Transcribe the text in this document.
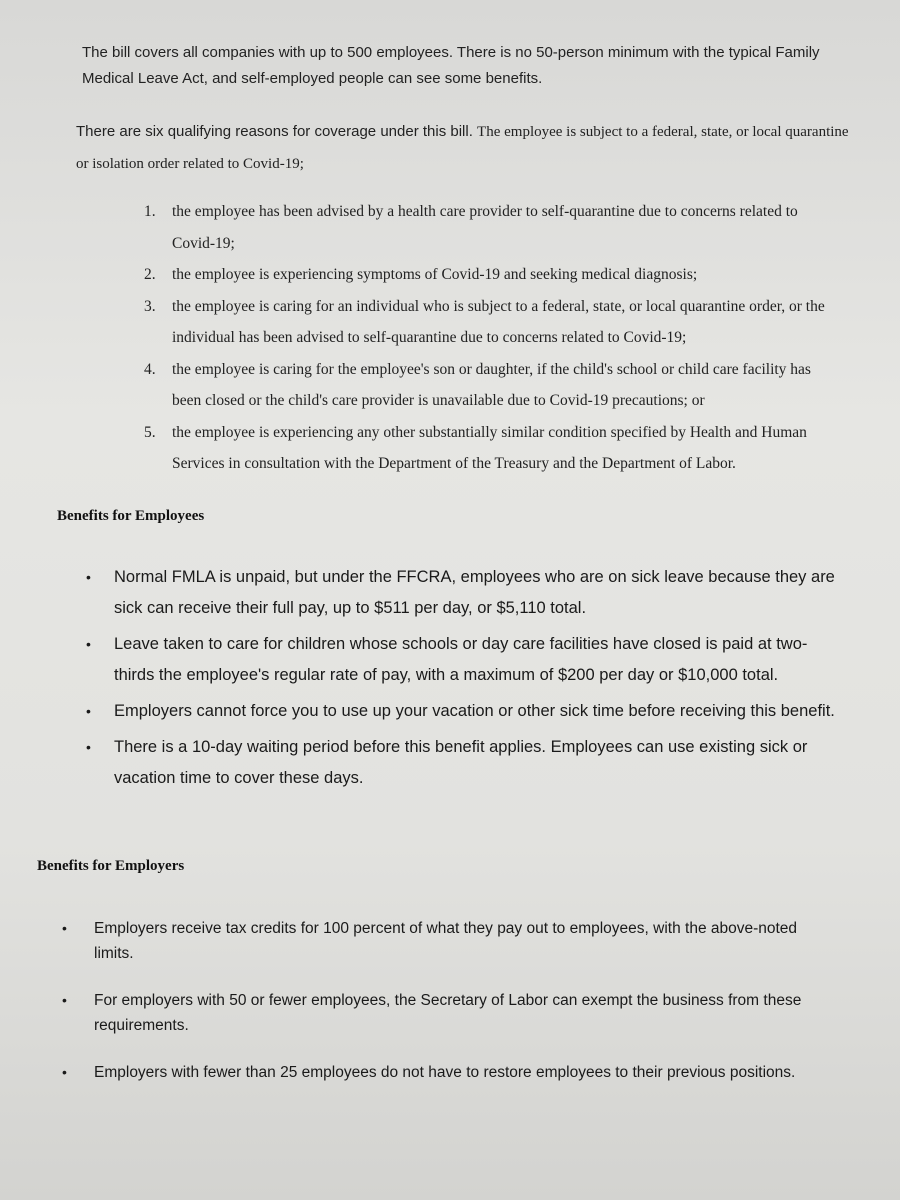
The bill covers all companies with up to 500 employees. There is no 50-person minimum with the typical Family Medical Leave Act, and self-employed people can see some benefits.

There are six qualifying reasons for coverage under this bill. The employee is subject to a federal, state, or local quarantine or isolation order related to Covid-19;

1. the employee has been advised by a health care provider to self-quarantine due to concerns related to Covid-19;
2. the employee is experiencing symptoms of Covid-19 and seeking medical diagnosis;
3. the employee is caring for an individual who is subject to a federal, state, or local quarantine order, or the individual has been advised to self-quarantine due to concerns related to Covid-19;
4. the employee is caring for the employee's son or daughter, if the child's school or child care facility has been closed or the child's care provider is unavailable due to Covid-19 precautions; or
5. the employee is experiencing any other substantially similar condition specified by Health and Human Services in consultation with the Department of the Treasury and the Department of Labor.
Benefits for Employees
• Normal FMLA is unpaid, but under the FFCRA, employees who are on sick leave because they are sick can receive their full pay, up to $511 per day, or $5,110 total.
• Leave taken to care for children whose schools or day care facilities have closed is paid at two-thirds the employee's regular rate of pay, with a maximum of $200 per day or $10,000 total.
• Employers cannot force you to use up your vacation or other sick time before receiving this benefit.
• There is a 10-day waiting period before this benefit applies. Employees can use existing sick or vacation time to cover these days.
Benefits for Employers
• Employers receive tax credits for 100 percent of what they pay out to employees, with the above-noted limits.
• For employers with 50 or fewer employees, the Secretary of Labor can exempt the business from these requirements.
• Employers with fewer than 25 employees do not have to restore employees to their previous positions.
